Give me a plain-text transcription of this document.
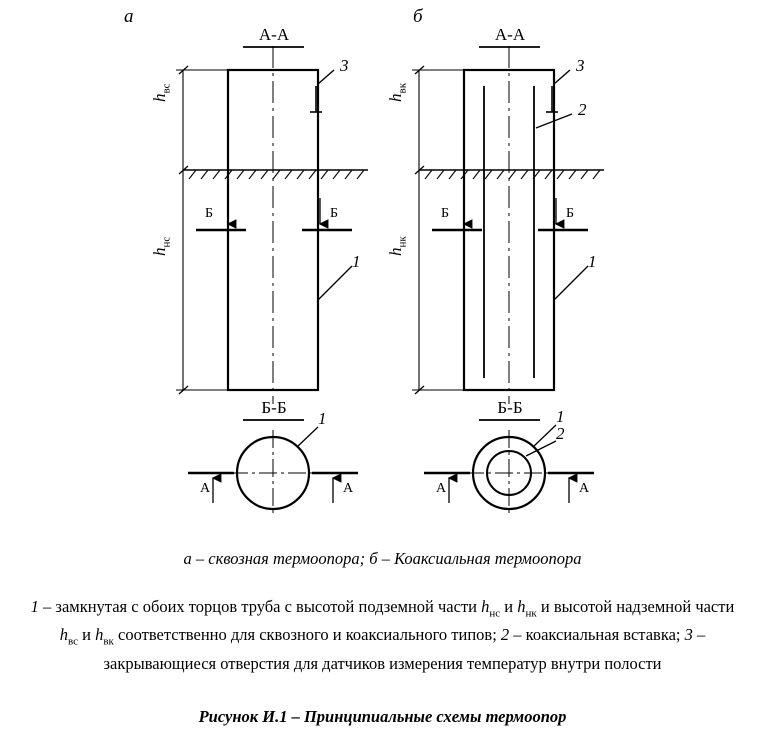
а	б
А-А	А-А
Б-Б	Б-Б
$h_{вс}$
$h_{нс}$
$h_{вк}$
$h_{нк}$
3
1
3
2
1
1	1
2
Б	Б	Б	Б
А	А	А	А
а – сквозная термоопора; б – Коаксиальная термоопора
1 – замкнутая с обоих торцов труба с высотой подземной части $h_{нс}$ и $h_{нк}$ и высотой надземной части $h_{вс}$ и $h_{вк}$ соответственно для сквозного и коаксиального типов; 2 – коаксиальная вставка; 3 – закрывающиеся отверстия для датчиков измерения температур внутри полости
Рисунок И.1 – Принципиальные схемы термоопор
